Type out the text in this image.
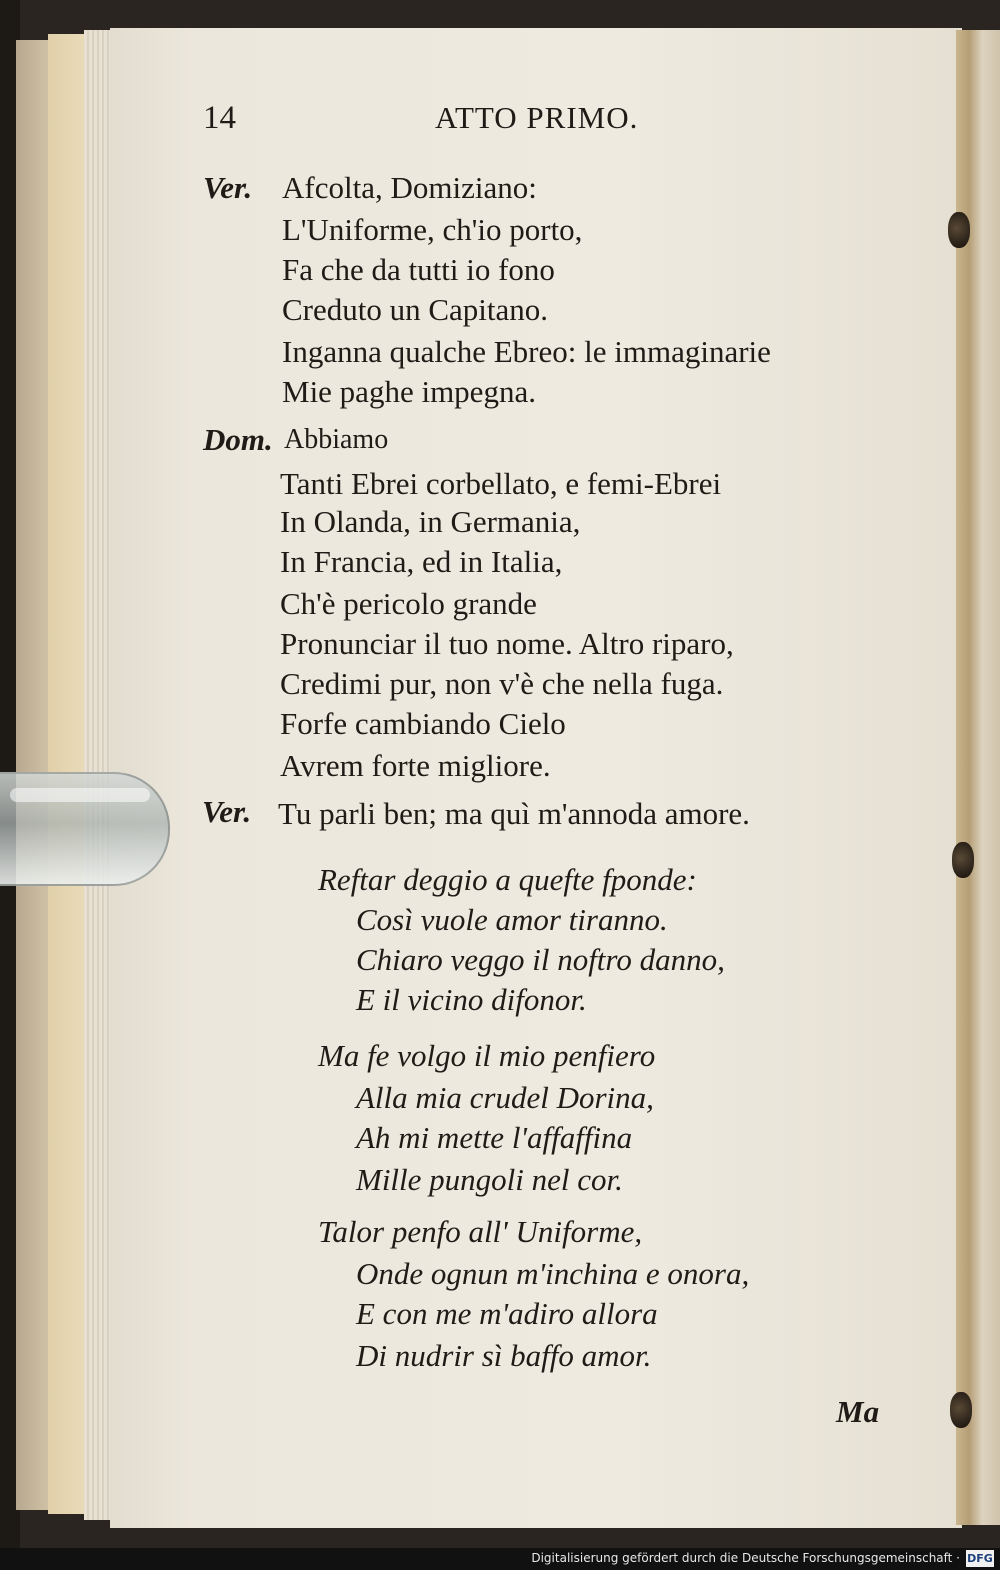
14	ATTO PRIMO.
Ver. Afcolta, Domiziano:
L'Uniforme, ch'io porto,
Fa che da tutti io fono
Creduto un Capitano.
Inganna qualche Ebreo: le immaginarie
Mie paghe impegna.
Dom. Abbiamo
Tanti Ebrei corbellato, e femi-Ebrei
In Olanda, in Germania,
In Francia, ed in Italia,
Ch'è pericolo grande
Pronunciar il tuo nome. Altro riparo,
Credimi pur, non v'è che nella fuga.
Forfe cambiando Cielo
Avrem forte migliore.
Ver. Tu parli ben; ma quì m'annoda amore.
Reftar deggio a quefte fponde:
Così vuole amor tiranno.
Chiaro veggo il noftro danno,
E il vicino difonor.
Ma fe volgo il mio penfiero
Alla mia crudel Dorina,
Ah mi mette l'affaffina
Mille pungoli nel cor.
Talor penfo all' Uniforme,
Onde ognun m'inchina e onora,
E con me m'adiro allora
Di nudrir sì baffo amor.
Ma
Digitalisierung gefördert durch die Deutsche Forschungsgemeinschaft · DFG
